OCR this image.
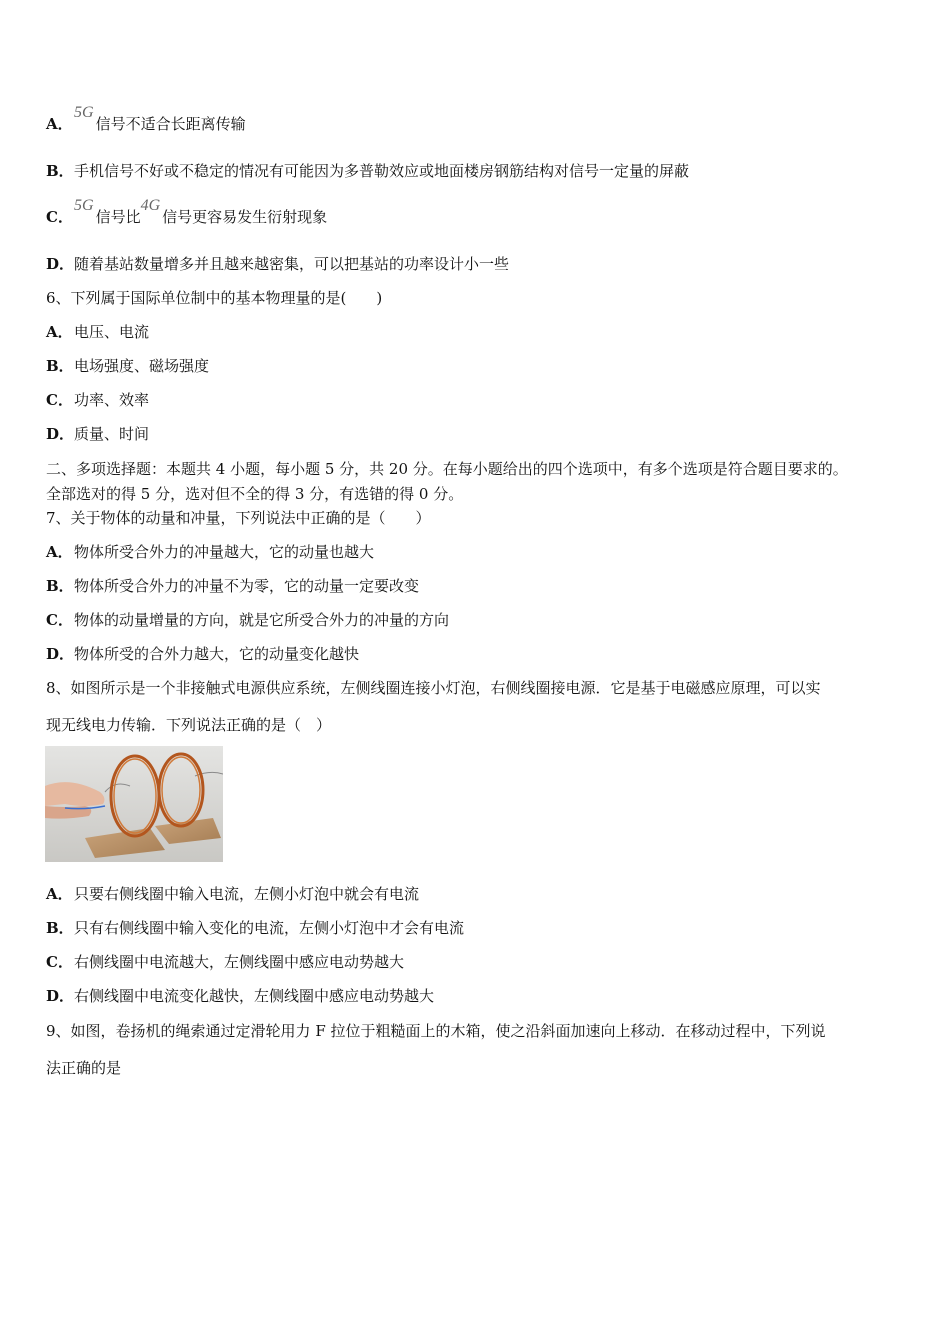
A．5G信号不适合长距离传输
B．手机信号不好或不稳定的情况有可能因为多普勒效应或地面楼房钢筋结构对信号一定量的屏蔽
C．5G信号比4G信号更容易发生衍射现象
D．随着基站数量增多并且越来越密集，可以把基站的功率设计小一些
6、下列属于国际单位制中的基本物理量的是(　　)
A．电压、电流
B．电场强度、磁场强度
C．功率、效率
D．质量、时间
二、多项选择题：本题共 4 小题，每小题 5 分，共 20 分。在每小题给出的四个选项中，有多个选项是符合题目要求的。
全部选对的得 5 分，选对但不全的得 3 分，有选错的得 0 分。
7、关于物体的动量和冲量，下列说法中正确的是（　　）
A．物体所受合外力的冲量越大，它的动量也越大
B．物体所受合外力的冲量不为零，它的动量一定要改变
C．物体的动量增量的方向，就是它所受合外力的冲量的方向
D．物体所受的合外力越大，它的动量变化越快
8、如图所示是一个非接触式电源供应系统，左侧线圈连接小灯泡，右侧线圈接电源．它是基于电磁感应原理，可以实
现无线电力传输．下列说法正确的是（　）
A．只要右侧线圈中输入电流，左侧小灯泡中就会有电流
B．只有右侧线圈中输入变化的电流，左侧小灯泡中才会有电流
C．右侧线圈中电流越大，左侧线圈中感应电动势越大
D．右侧线圈中电流变化越快，左侧线圈中感应电动势越大
9、如图，卷扬机的绳索通过定滑轮用力 F 拉位于粗糙面上的木箱，使之沿斜面加速向上移动．在移动过程中，下列说
法正确的是
